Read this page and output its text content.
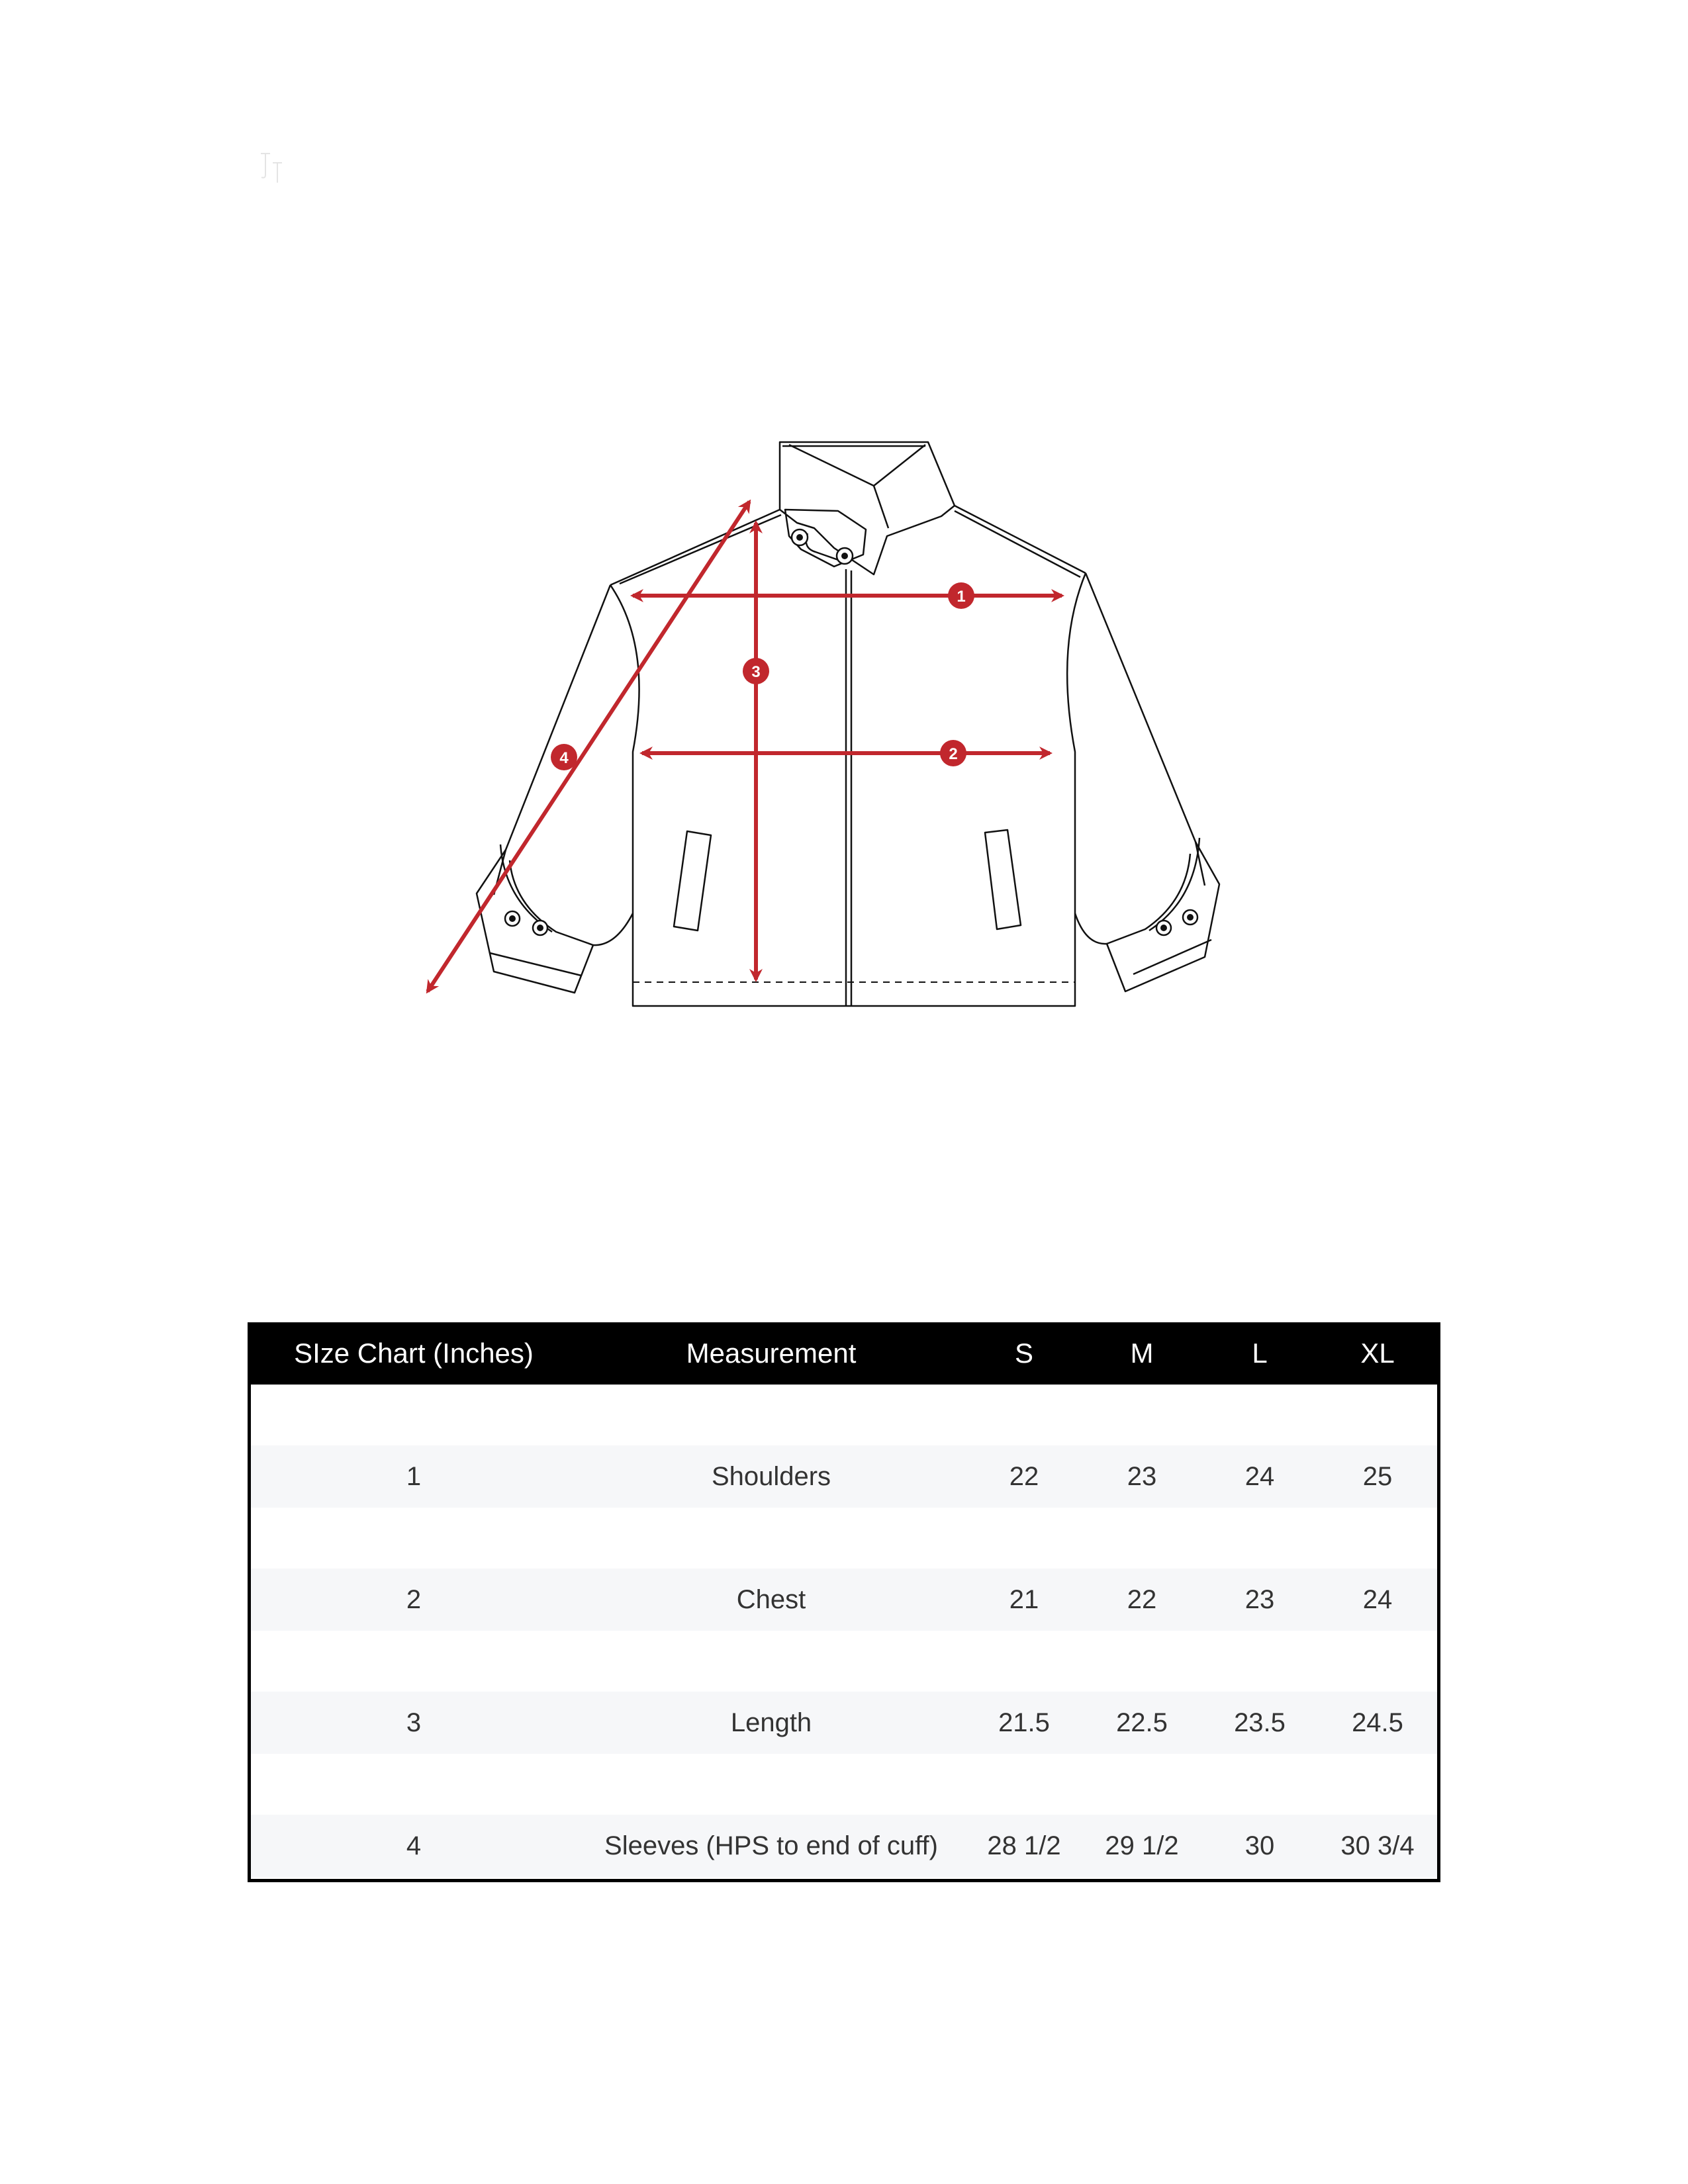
1
2
3
4
SIze Chart (Inches)	Measurement	S	M	L	XL

1	Shoulders	22	23	24	25

2	Chest	21	22	23	24

3	Length	21.5	22.5	23.5	24.5

4	Sleeves (HPS to end of cuff)	28 1/2	29 1/2	30	30 3/4
